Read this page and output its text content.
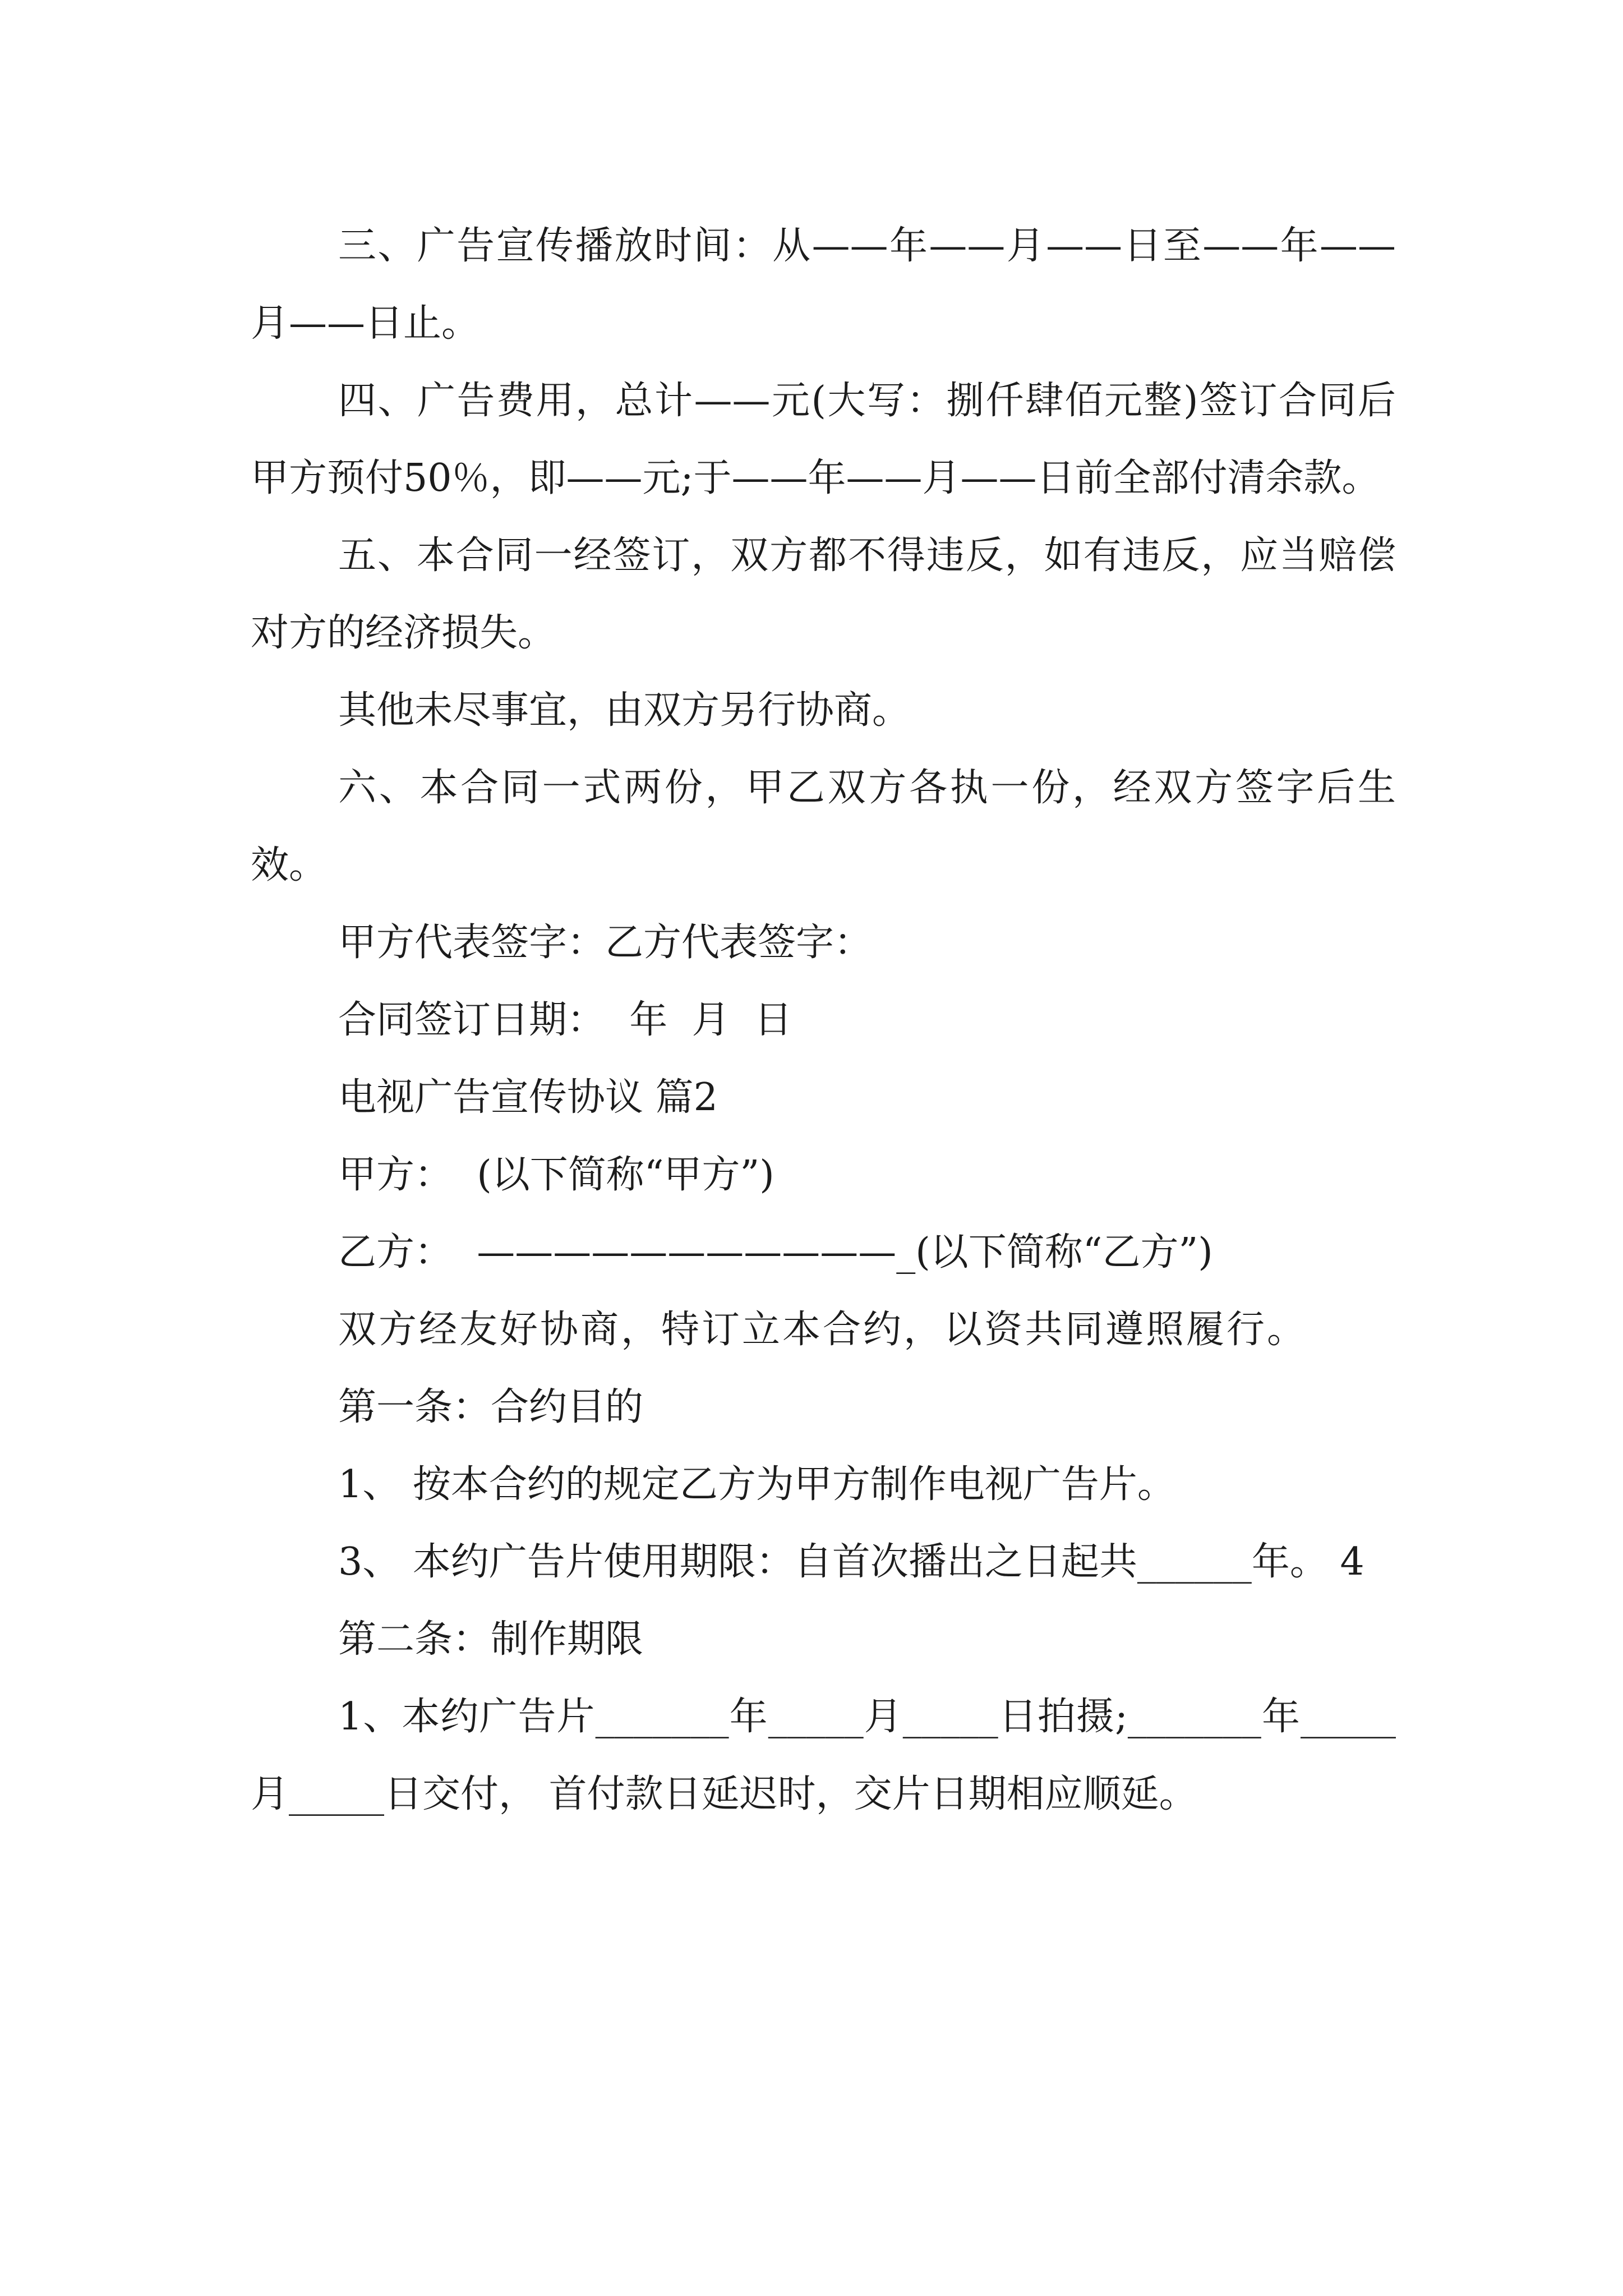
三、广告宣传播放时间：从——年——月——日至——年——月——日止。

四、广告费用，总计——元(大写：捌仟肆佰元整)签订合同后甲方预付50％，即——元;于——年——月——日前全部付清余款。

五、本合同一经签订，双方都不得违反，如有违反，应当赔偿对方的经济损失。

其他未尽事宜，由双方另行协商。

六、本合同一式两份，甲乙双方各执一份，经双方签字后生效。

甲方代表签字：乙方代表签字：

合同签订日期：  年  月  日

电视广告宣传协议 篇2

甲方：  (以下简称“甲方”)

乙方：  ———————————_(以下简称“乙方”)

双方经友好协商，特订立本合约，以资共同遵照履行。

第一条：合约目的

1、 按本合约的规定乙方为甲方制作电视广告片。

3、 本约广告片使用期限：自首次播出之日起共______年。 4

第二条：制作期限

1、本约广告片_______年_____月_____日拍摄;_______年_____月_____日交付， 首付款日延迟时，交片日期相应顺延。
